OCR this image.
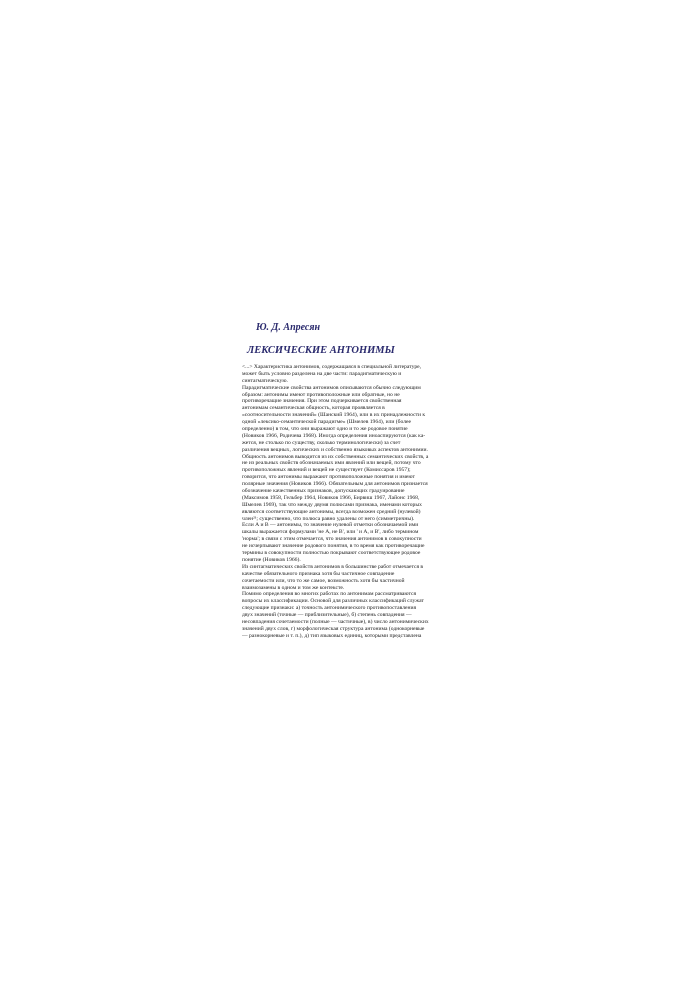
Ю. Д. Апресян
ЛЕКСИЧЕСКИЕ АНТОНИМЫ
<...> Характеристика антонимов, содержащаяся в специальной литературе,
может быть условно разделена на две части: парадигматическую и
синтагматическую.
Парадигматические свойства антонимов описываются обычно следующим
образом: антонимы имеют противоположные или обратные, но не
противоречащие значения. При этом подчеркивается свойственная
антонимам семантическая общность, которая проявляется в
«соотносительности значений» (Шанский 1964), или в их принадлежности к
одной «лексико-семантической парадигме» (Шмелев 1964), или (более
определенно) в том, что они выражают одно и то же родовое понятие
(Новиков 1966, Родичева 1968). Иногда определения иноаспируются (как ка-
жется, не столько по существу, сколько терминологически) за счет
различения вещных, логических и собственно языковых аспектов антонимии.
Общность антонимов выводится из их собственных семантических свойств, а
не из реальных свойств обозначаемых ими явлений или вещей, потому что
противоположных явлений и вещей не существует (Комиссаров 1957);
говорится, что антонимы выражают противоположные понятия и имеют
полярные значения (Новиков 1966). Обязательным для антонимов признается
обозначение качественных признаков, допускающих градуирование
(Максимов 1958, Гельбер 1964, Новиков 1966, Бирвиш 1967, Лайонс 1968,
Шмелев 1969), так что между двумя полюсами признака, именами которых
являются соответствующие антонимы, всегда возможен средний (нулевой)
член²¹; существенно, что полюса равно удалены от него (симметричны).
Если А и В — антонимы, то значение нулевой отметки обозначаемой ими
шкалы выражается формулами 'не А, не В', или ' и А, и В', либо термином
'норма'; в связи с этим отмечается, что значения антонимов в совокупности
не исчерпывают значение родового понятия, в то время как противоречащие
термины в совокупности полностью покрывают соответствующее родовое
понятие (Новиков 1966).
Из синтагматических свойств антонимов в большинстве работ отмечается в
качестве обязательного признака хотя бы частичное совпадение
сочетаемости или, что то же самое, возможность хотя бы частичной
взаимозамены в одном и том же контексте.
Помимо определения во многих работах по антонимам рассматриваются
вопросы их классификации. Основой для различных классификаций служат
следующие признаки: а) точность антонимического противопоставления
двух значений (точные — приблизительные), б) степень совпадения —
несовпадения сочетаемости (полные — частичные), в) число антонимических
значений двух слов, г) морфологическая структура антонима (однокорневые
— разнокорневые и т. п.), д) тип языковых единиц, которыми представлена
